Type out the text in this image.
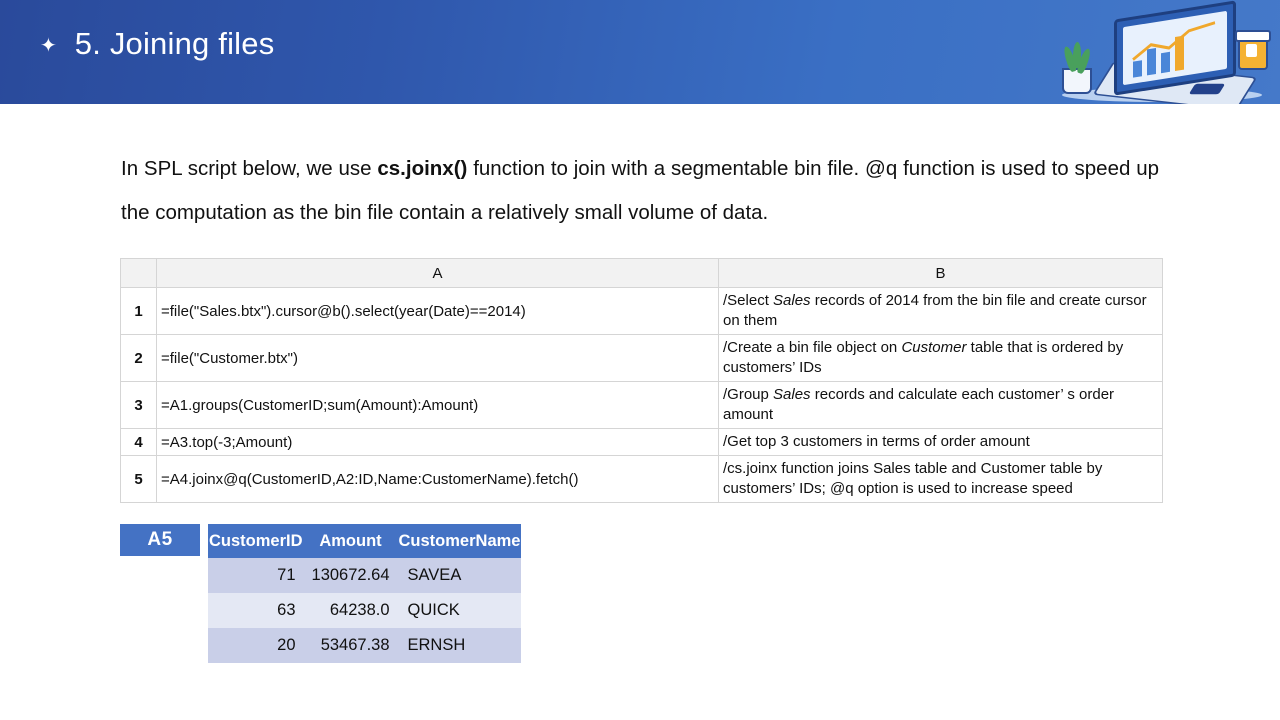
✦ 5. Joining files

In SPL script below, we use cs.joinx() function to join with a segmentable bin file. @q function is used to speed up the computation as the bin file contain a relatively small volume of data.

	A	B
1	=file("Sales.btx").cursor@b().select(year(Date)==2014)	/Select Sales records of 2014 from the bin file and create cursor on them
2	=file("Customer.btx")	/Create a bin file object on Customer table that is ordered by customers’ IDs
3	=A1.groups(CustomerID;sum(Amount):Amount)	/Group Sales records and calculate each customer’ s order amount
4	=A3.top(-3;Amount)	/Get top 3 customers in terms of order amount
5	=A4.joinx@q(CustomerID,A2:ID,Name:CustomerName).fetch()	/cs.joinx function joins Sales table and Customer table by customers’ IDs; @q option is used to increase speed
A5	CustomerID	Amount	CustomerName
71	130672.64	SAVEA
63	64238.0	QUICK
20	53467.38	ERNSH
